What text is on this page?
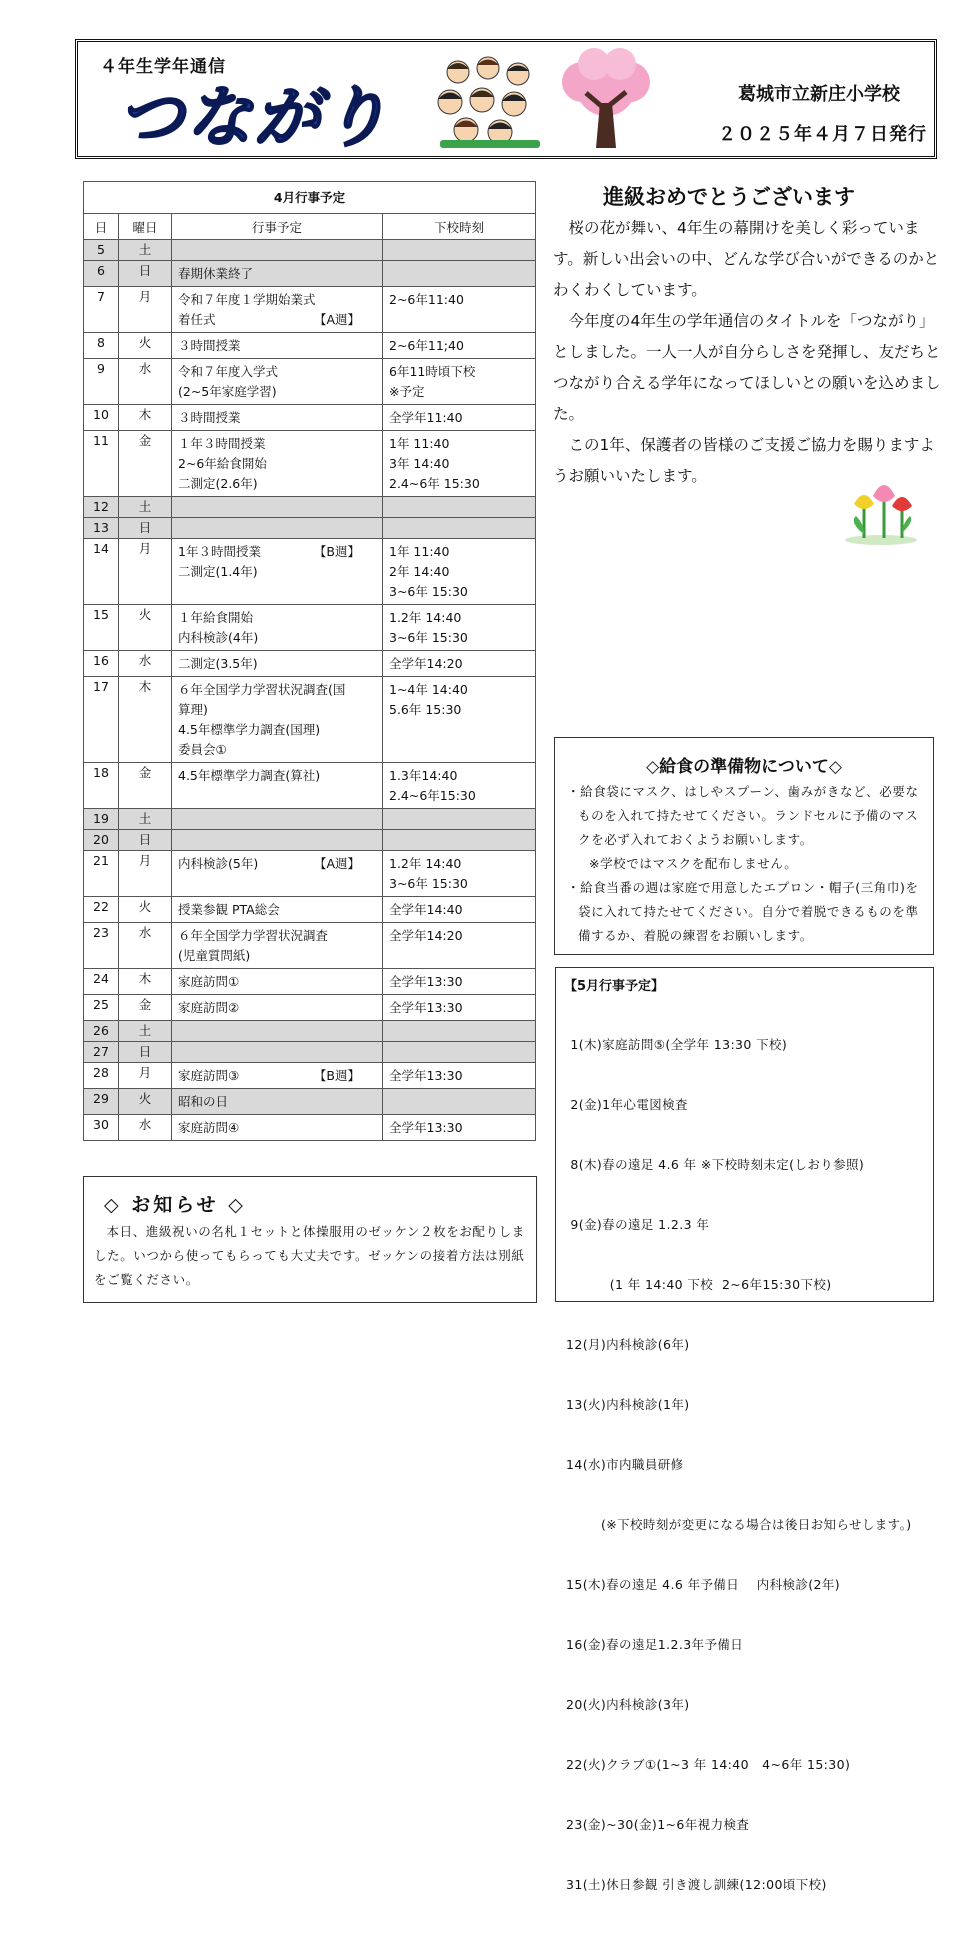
４年生学年通信
つながり	葛城市立新庄小学校
２０２５年４月７日発行
4月行事予定			
日	曜日	行事予定	下校時刻
5	土		
6	日	春期休業終了	
7	月	令和７年度１学期始業式
着任式 【A週】	2~6年11:40
8	火	３時間授業	2~6年11;40
9	水	令和７年度入学式
(2~5年家庭学習)	6年11時頃下校
※予定
10	木	３時間授業	全学年11:40
11	金	１年３時間授業
2~6年給食開始
二測定(2.6年)	1年 11:40
3年 14:40
2.4~6年 15:30
12	土		
13	日		
14	月	1年３時間授業
二測定(1.4年)
【B週】	1年 11:40
2年 14:40
3~6年 15:30
15	火	１年給食開始
内科検診(4年)	1.2年 14:40
3~6年 15:30
16	水	二測定(3.5年)	全学年14:20
17	木	６年全国学力学習状況調査(国
算理)
4.5年標準学力調査(国理)
委員会①	1~4年 14:40
5.6年 15:30
18	金	4.5年標準学力調査(算社)	1.3年14:40
2.4~6年15:30
19	土		
20	日		
21	月	内科検診(5年) 【A週】	1.2年 14:40
3~6年 15:30
22	火	授業参観 PTA総会	全学年14:40
23	水	６年全国学力学習状況調査
(児童質問紙)	全学年14:20
24	木	家庭訪問①	全学年13:30
25	金	家庭訪問②	全学年13:30
26	土		
27	日		
28	月	家庭訪問③ 【B週】	全学年13:30
29	火	昭和の日	
30	水	家庭訪問④	全学年13:30
進級おめでとうございます

桜の花が舞い、4年生の幕開けを美しく彩っています。新しい出会いの中、どんな学び合いができるのかとわくわくしています。

今年度の4年生の学年通信のタイトルを「つながり」としました。一人一人が自分らしさを発揮し、友だちとつながり合える学年になってほしいとの願いを込めました。

この1年、保護者の皆様のご支援ご協力を賜りますようお願いいたします。

◇給食の準備物について◇

・給食袋にマスク、はしやスプーン、歯みがきなど、必要なものを入れて持たせてください。ランドセルに予備のマスクを必ず入れておくようお願いします。

※学校ではマスクを配布しません。

・給食当番の週は家庭で用意したエプロン・帽子(三角巾)を袋に入れて持たせてください。自分で着脱できるものを準備するか、着脱の練習をお願いします。

【5月行事予定】

1(木)家庭訪問⑤(全学年 13:30 下校)

2(金)1年心電図検査

8(木)春の遠足 4.6 年 ※下校時刻未定(しおり参照)

9(金)春の遠足 1.2.3 年

(1 年 14:40 下校  2~6年15:30下校)

12(月)内科検診(6年)

13(火)内科検診(1年)

14(水)市内職員研修

(※下校時刻が変更になる場合は後日お知らせします。)

15(木)春の遠足 4.6 年予備日    内科検診(2年)

16(金)春の遠足1.2.3年予備日

20(火)内科検診(3年)

22(火)クラブ①(1~3 年 14:40   4~6年 15:30)

23(金)~30(金)1~6年視力検査

31(土)休日参観 引き渡し訓練(12:00頃下校)

◇ お知らせ ◇
本日、進級祝いの名札１セットと体操服用のゼッケン２枚をお配りしました。いつから使ってもらっても大丈夫です。ゼッケンの接着方法は別紙をご覧ください。
